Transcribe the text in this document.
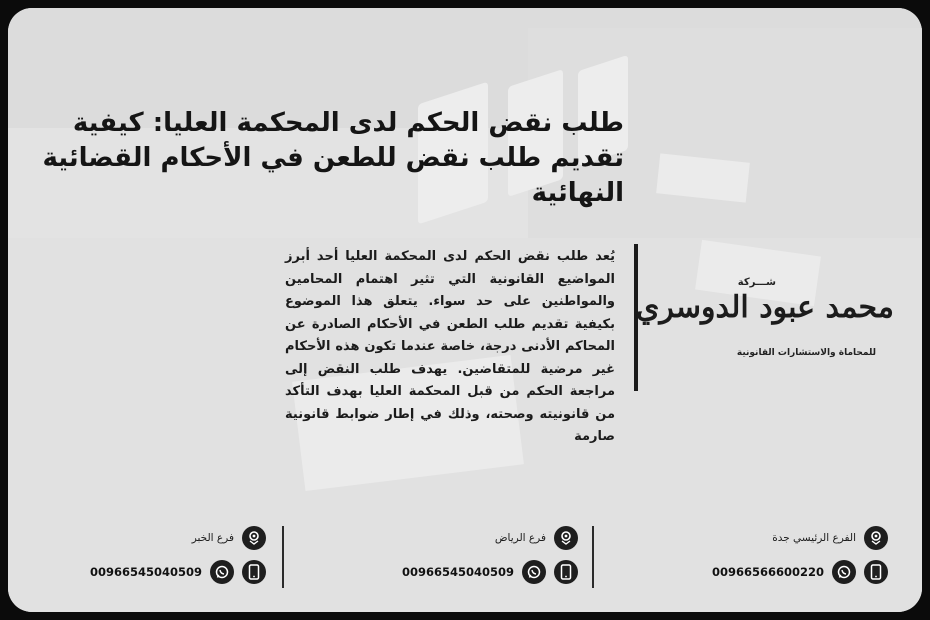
طلب نقض الحكم لدى المحكمة العليا: كيفية تقديم طلب نقض للطعن في الأحكام القضائية النهائية
يُعد طلب نقض الحكم لدى المحكمة العليا أحد أبرز المواضيع القانونية التي تثير اهتمام المحامين والمواطنين على حد سواء. يتعلق هذا الموضوع بكيفية تقديم طلب الطعن في الأحكام الصادرة عن المحاكم الأدنى درجة، خاصة عندما تكون هذه الأحكام غير مرضية للمتقاضين. يهدف طلب النقض إلى مراجعة الحكم من قبل المحكمة العليا بهدف التأكد من قانونيته وصحته، وذلك في إطار ضوابط قانونية صارمة
شـــركة
محمد عبود الدوسري
للمحاماة والاستشارات القانونية
الفرع الرئيسي جدة
00966566600220
فرع الرياض
00966545040509
فرع الخبر
00966545040509
